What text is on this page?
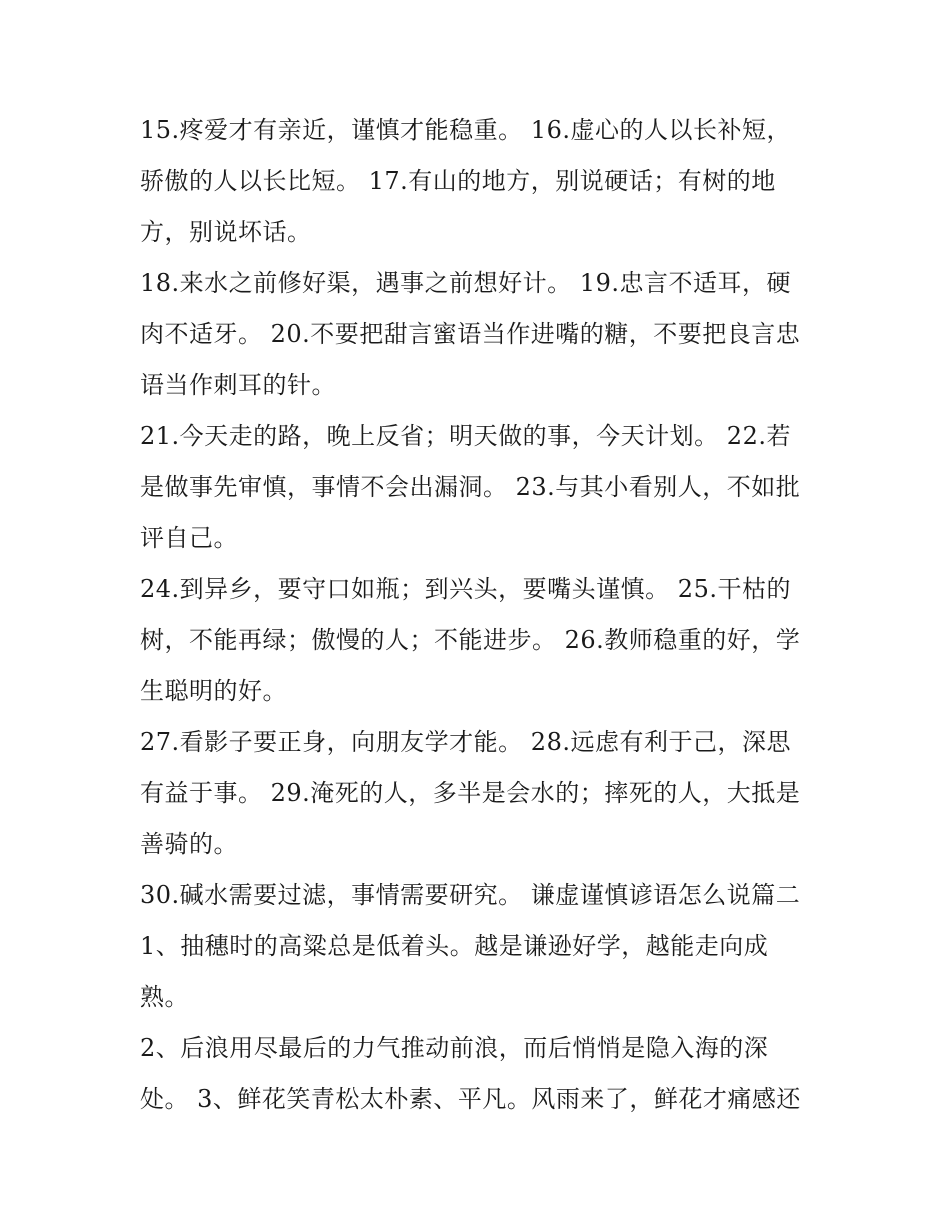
15.疼爱才有亲近，谨慎才能稳重。 16.虚心的人以长补短，骄傲的人以长比短。 17.有山的地方，别说硬话；有树的地方，别说坏话。

18.来水之前修好渠，遇事之前想好计。 19.忠言不适耳，硬肉不适牙。 20.不要把甜言蜜语当作进嘴的糖，不要把良言忠语当作刺耳的针。

21.今天走的路，晚上反省；明天做的事，今天计划。 22.若是做事先审慎，事情不会出漏洞。 23.与其小看别人，不如批评自己。

24.到异乡，要守口如瓶；到兴头，要嘴头谨慎。 25.干枯的树，不能再绿；傲慢的人；不能进步。 26.教师稳重的好，学生聪明的好。

27.看影子要正身，向朋友学才能。 28.远虑有利于己，深思有益于事。 29.淹死的人，多半是会水的；摔死的人，大抵是善骑的。

30.碱水需要过滤，事情需要研究。 谦虚谨慎谚语怎么说篇二

1、抽穗时的高粱总是低着头。越是谦逊好学，越能走向成熟。

2、后浪用尽最后的力气推动前浪，而后悄悄是隐入海的深处。 3、鲜花笑青松太朴素、平凡。风雨来了，鲜花才痛感还
